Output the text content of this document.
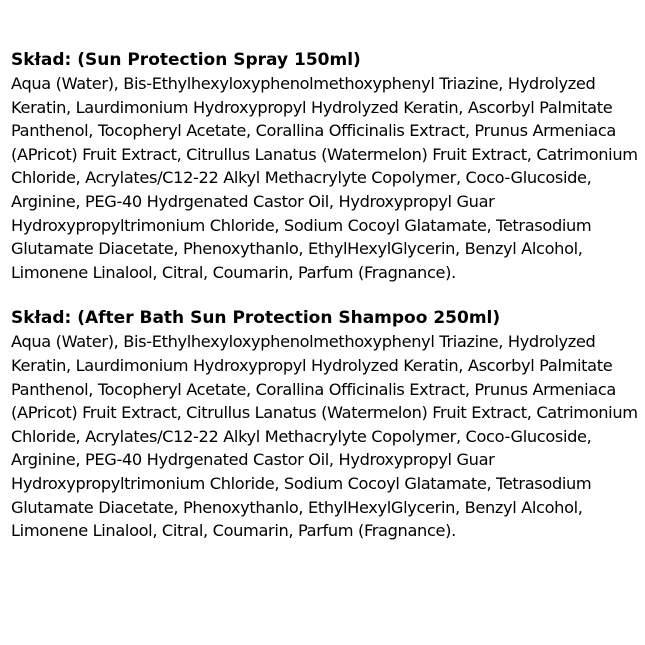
Skład: (Sun Protection Spray 150ml)

Aqua (Water), Bis-Ethylhexyloxyphenolmethoxyphenyl Triazine, Hydrolyzed Keratin, Laurdimonium Hydroxypropyl Hydrolyzed Keratin, Ascorbyl Palmitate Panthenol, Tocopheryl Acetate, Corallina Officinalis Extract, Prunus Armeniaca (APricot) Fruit Extract, Citrullus Lanatus (Watermelon) Fruit Extract, Catrimonium Chloride, Acrylates/C12-22 Alkyl Methacrylyte Copolymer, Coco-Glucoside, Arginine, PEG-40 Hydrgenated Castor Oil, Hydroxypropyl Guar Hydroxypropyltrimonium Chloride, Sodium Cocoyl Glatamate, Tetrasodium Glutamate Diacetate, Phenoxythanlo, EthylHexylGlycerin, Benzyl Alcohol, Limonene Linalool, Citral, Coumarin, Parfum (Fragnance).

Skład: (After Bath Sun Protection Shampoo 250ml)

Aqua (Water), Bis-Ethylhexyloxyphenolmethoxyphenyl Triazine, Hydrolyzed Keratin, Laurdimonium Hydroxypropyl Hydrolyzed Keratin, Ascorbyl Palmitate Panthenol, Tocopheryl Acetate, Corallina Officinalis Extract, Prunus Armeniaca (APricot) Fruit Extract, Citrullus Lanatus (Watermelon) Fruit Extract, Catrimonium Chloride, Acrylates/C12-22 Alkyl Methacrylyte Copolymer, Coco-Glucoside, Arginine, PEG-40 Hydrgenated Castor Oil, Hydroxypropyl Guar Hydroxypropyltrimonium Chloride, Sodium Cocoyl Glatamate, Tetrasodium Glutamate Diacetate, Phenoxythanlo, EthylHexylGlycerin, Benzyl Alcohol, Limonene Linalool, Citral, Coumarin, Parfum (Fragnance).
